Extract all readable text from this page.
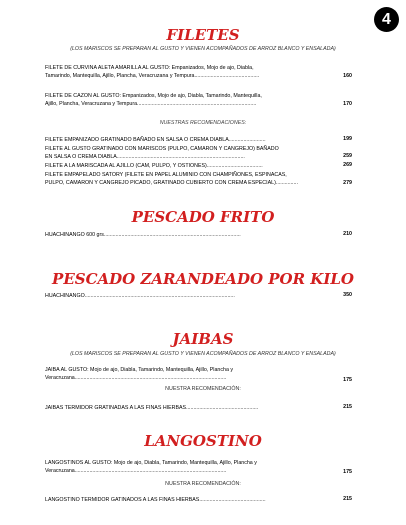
4
FILETES
(LOS MARISCOS SE PREPARAN AL GUSTO Y VIENEN ACOMPAÑADOS DE ARROZ BLANCO Y ENSALADA)
FILETE DE CURVINA ALETA AMARILLA AL GUSTO: Empanizados, Mojo de ajo, Diabla,
Tamarindo, Mantequilla, Ajillo, Plancha, Veracruzana y Tempura............................................	160
FILETE DE CAZON AL GUSTO: Empanizados, Mojo de ajo, Diabla, Tamarindo, Mantequilla,
Ajillo, Plancha, Veracruzana y Tempura.................................................................................	170
NUESTRAS RECOMENDACIONES:
FILETE EMPANIZADO GRATINADO BAÑADO EN SALSA O CREMA DIABLA.........................	199
FILETE AL GUSTO GRATINADO CON MARISCOS (PULPO, CAMARON Y CANGREJO) BAÑADO
EN SALSA O CREMA DIABLA.......................................................................................	259
FILETE A LA MARISCADA AL AJILLO (CAM, PULPO, Y OSTIONES)......................................	269
FILETE EMPAPELADO SATORY (FILETE EN PAPEL ALUMINIO CON CHAMPIÑONES, ESPINACAS,
PULPO, CAMARON Y CANGREJO PICADO, GRATINADO CUBIERTO CON CREMA ESPECIAL)...............	279
PESCADO FRITO
HUACHINANGO 600 grs.............................................................................................	210
PESCADO ZARANDEADO POR KILO
HUACHINANGO......................................................................................................	350
JAIBAS
(LOS MARISCOS SE PREPARAN AL GUSTO Y VIENEN ACOMPAÑADOS DE ARROZ BLANCO Y ENSALADA)
JAIBA AL GUSTO: Mojo de ajo, Diabla, Tamarindo, Mantequilla, Ajillo, Plancha y
Veracruzana.......................................................................................................	175
NUESTRA RECOMENDACIÓN:
JAIBAS TERMIDOR GRATINADAS A LAS FINAS HIERBAS.................................................	215
LANGOSTINO
LANGOSTINOS AL GUSTO: Mojo de ajo, Diabla, Tamarindo, Mantequilla, Ajillo, Plancha y
Veracruzana.......................................................................................................	175
NUESTRA RECOMENDACIÓN:
LANGOSTINO TERMIDOR GATINADOS A LAS FINAS HIERBAS.............................................	215
